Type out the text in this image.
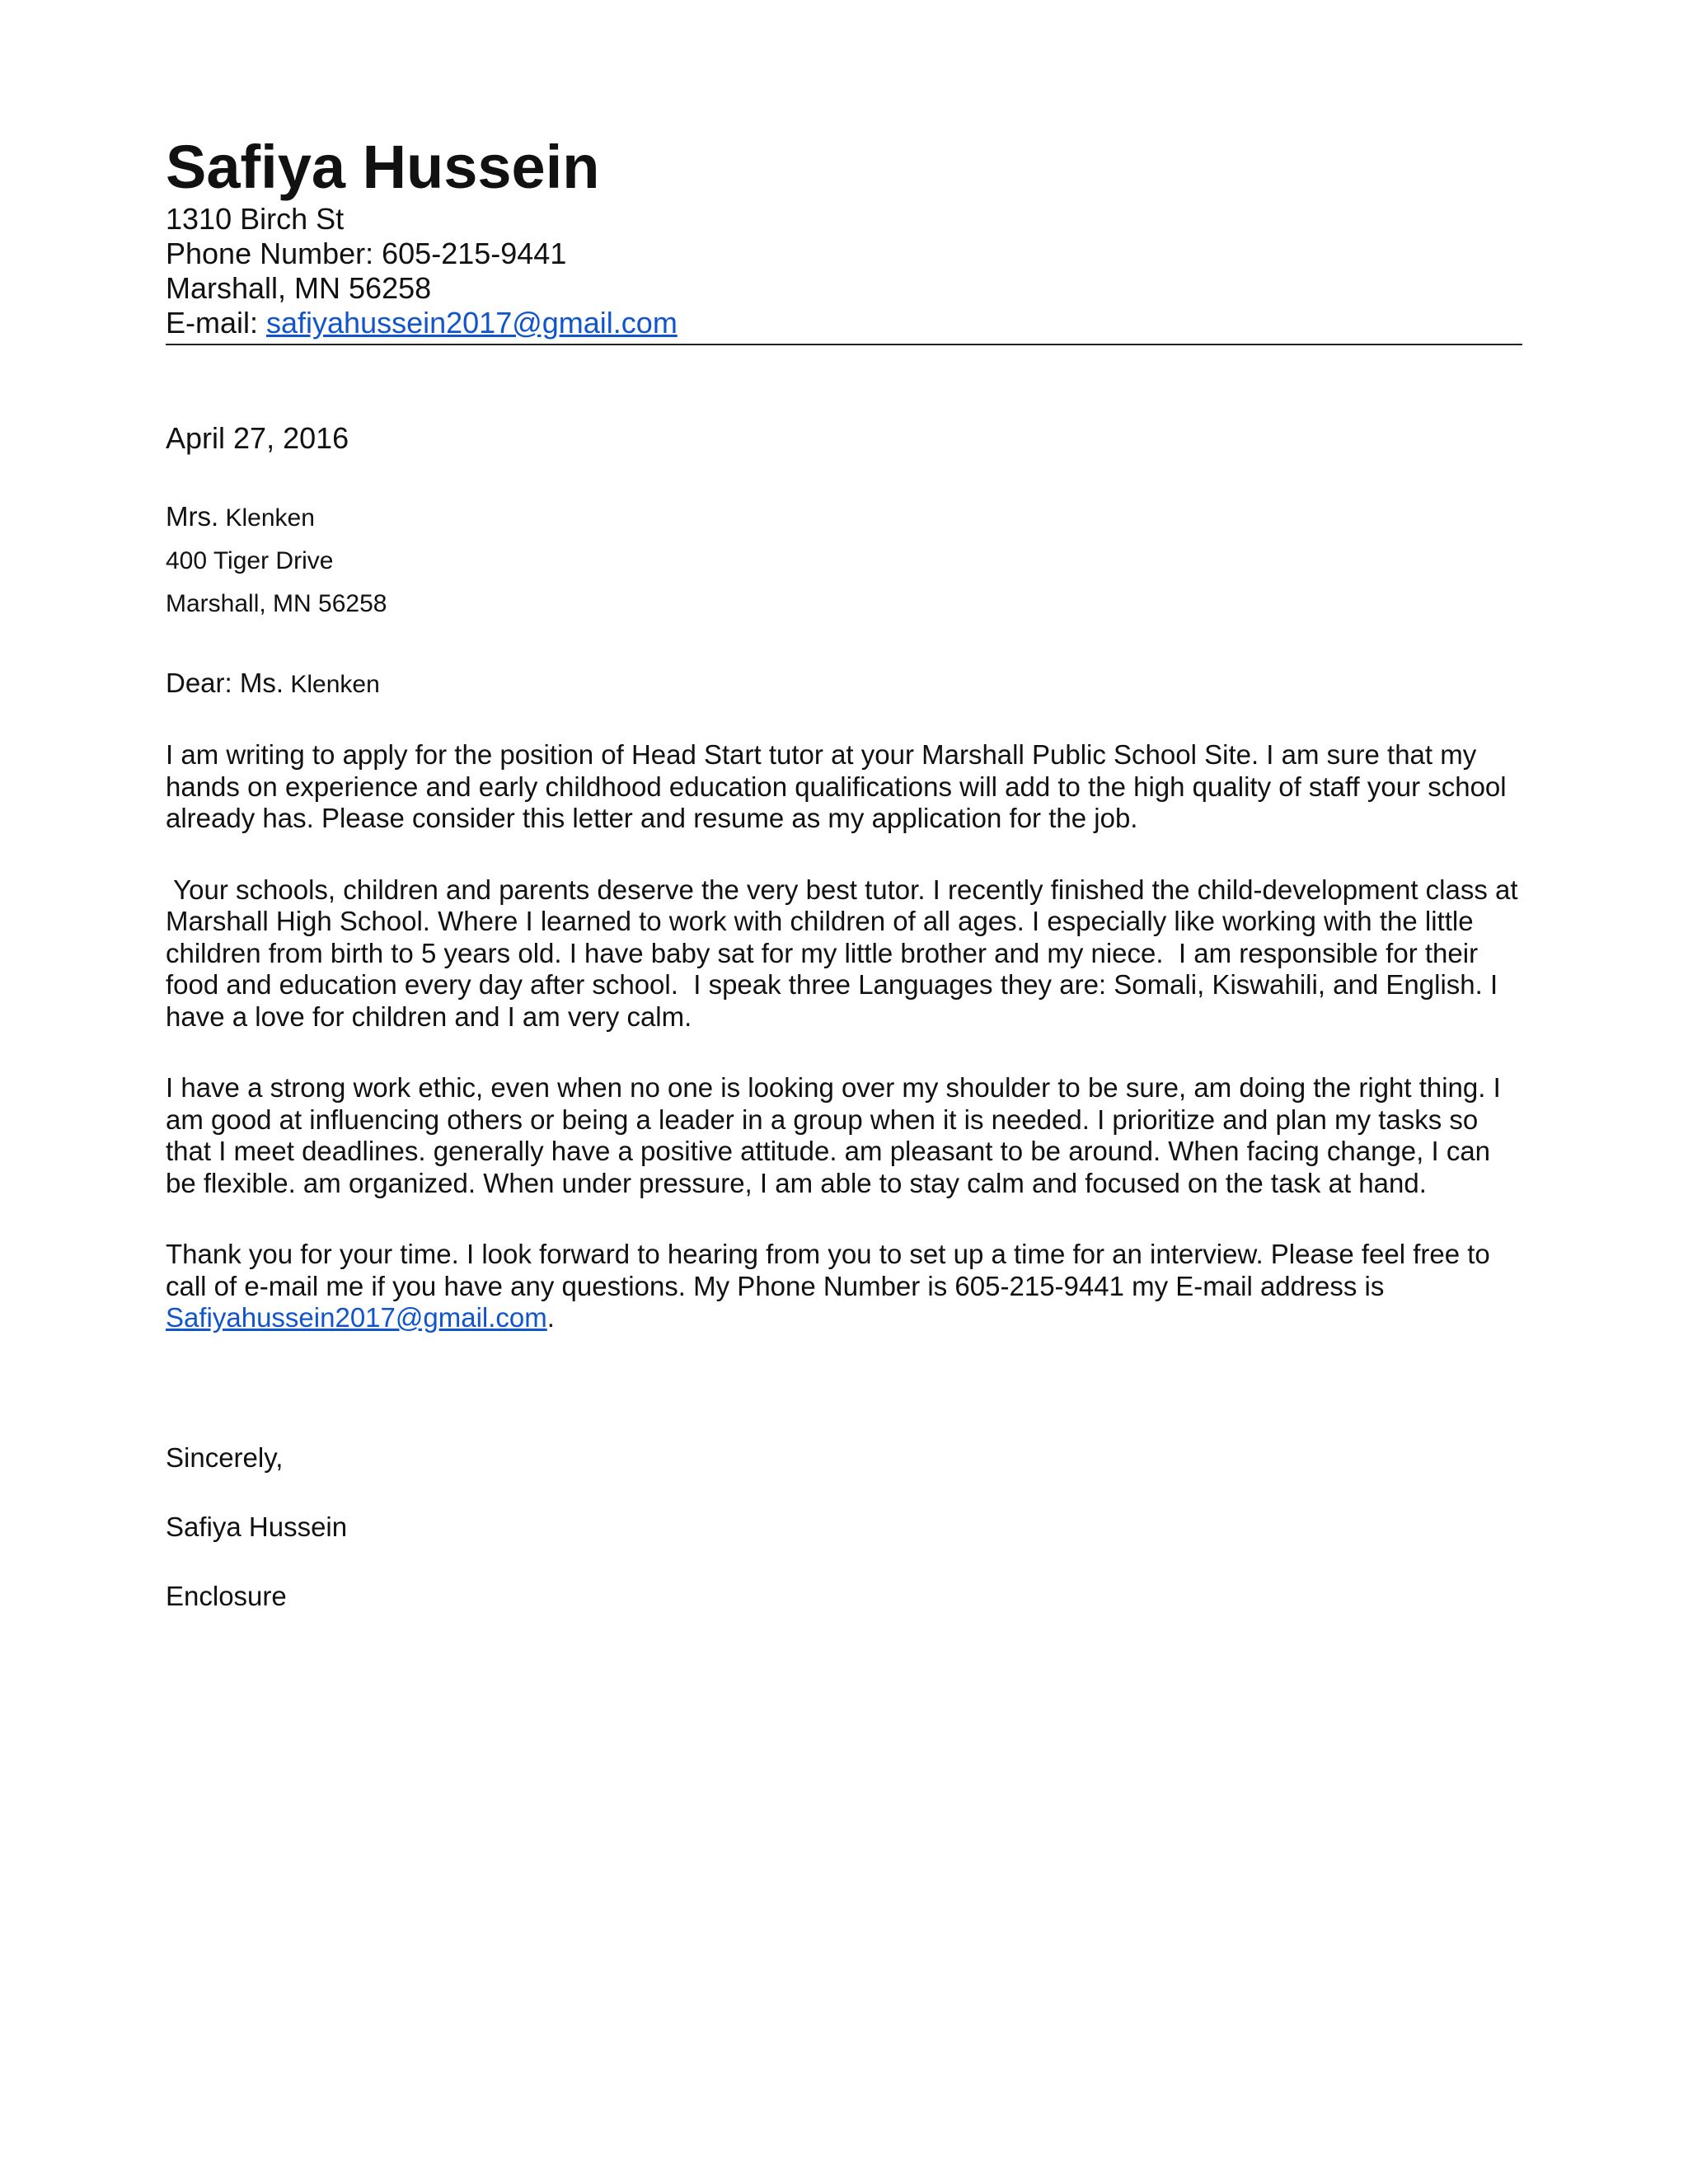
Safiya Hussein

1310 Birch St

Phone Number: 605-215-9441

Marshall, MN 56258

E-mail: safiyahussein2017@gmail.com

April 27, 2016

Mrs. Klenken

400 Tiger Drive

Marshall, MN 56258

Dear: Ms. Klenken

I am writing to apply for the position of Head Start tutor at your Marshall Public School Site. I am sure that my hands on experience and early childhood education qualifications will add to the high quality of staff your school already has. Please consider this letter and resume as my application for the job.

Your schools, children and parents deserve the very best tutor. I recently finished the child-development class at Marshall High School. Where I learned to work with children of all ages. I especially like working with the little children from birth to 5 years old. I have baby sat for my little brother and my niece.  I am responsible for their food and education every day after school.  I speak three Languages they are: Somali, Kiswahili, and English. I have a love for children and I am very calm.

I have a strong work ethic, even when no one is looking over my shoulder to be sure, am doing the right thing. I am good at influencing others or being a leader in a group when it is needed. I prioritize and plan my tasks so that I meet deadlines. generally have a positive attitude. am pleasant to be around. When facing change, I can be flexible. am organized. When under pressure, I am able to stay calm and focused on the task at hand.

Thank you for your time. I look forward to hearing from you to set up a time for an interview. Please feel free to call of e-mail me if you have any questions. My Phone Number is 605-215-9441 my E-mail address is Safiyahussein2017@gmail.com.

Sincerely,

Safiya Hussein

Enclosure
